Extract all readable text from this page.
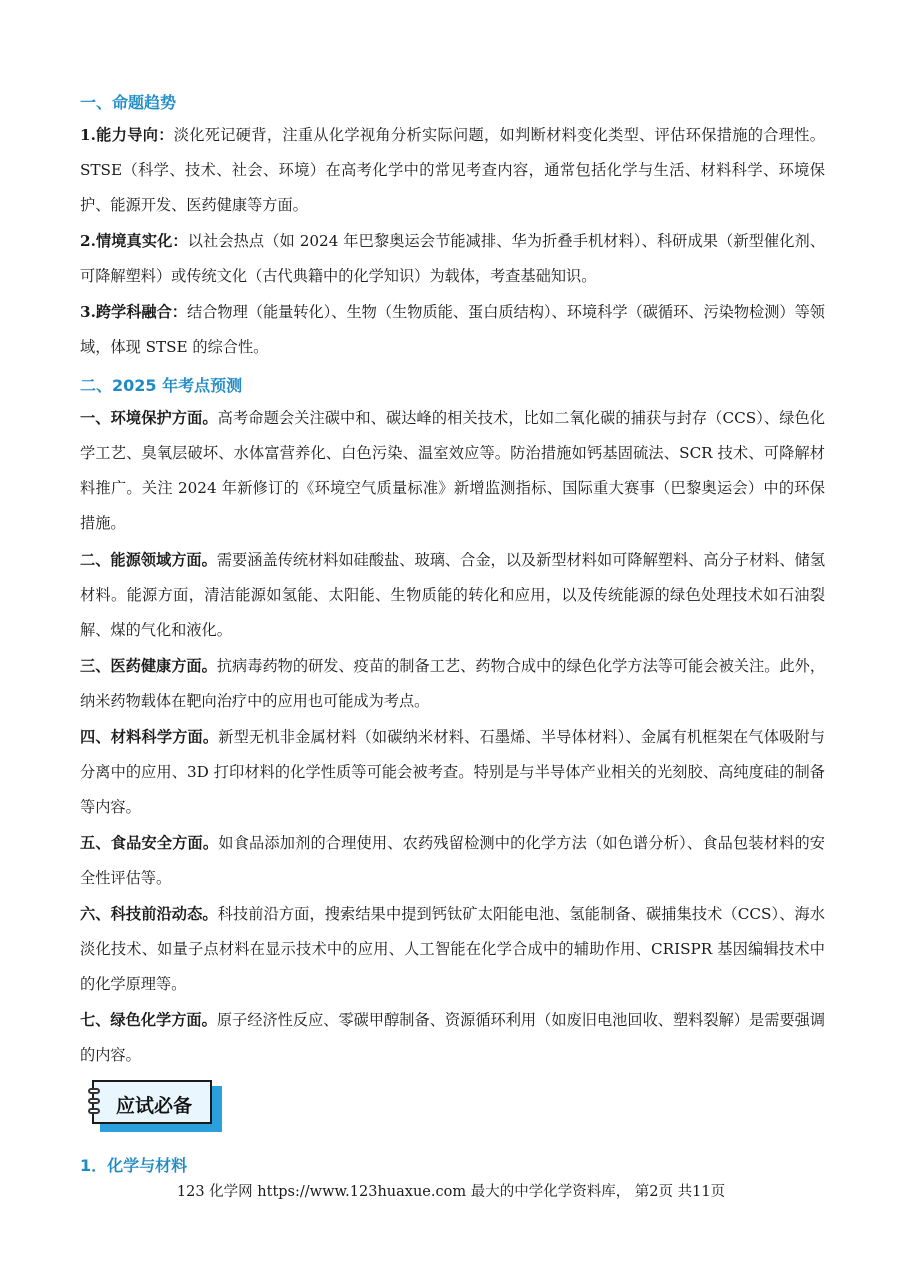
一、命题趋势
1.能力导向：淡化死记硬背，注重从化学视角分析实际问题，如判断材料变化类型、评估环保措施的合理性。STSE（科学、技术、社会、环境）在高考化学中的常见考查内容，通常包括化学与生活、材料科学、环境保护、能源开发、医药健康等方面。
2.情境真实化：以社会热点（如 2024 年巴黎奥运会节能减排、华为折叠手机材料）、科研成果（新型催化剂、可降解塑料）或传统文化（古代典籍中的化学知识）为载体，考查基础知识。
3.跨学科融合：结合物理（能量转化）、生物（生物质能、蛋白质结构）、环境科学（碳循环、污染物检测）等领域，体现 STSE 的综合性。
二、2025 年考点预测
一、环境保护方面。高考命题会关注碳中和、碳达峰的相关技术，比如二氧化碳的捕获与封存（CCS）、绿色化学工艺、臭氧层破坏、水体富营养化、白色污染、温室效应等。防治措施如钙基固硫法、SCR 技术、可降解材料推广。关注 2024 年新修订的《环境空气质量标准》新增监测指标、国际重大赛事（巴黎奥运会）中的环保措施。
二、能源领域方面。需要涵盖传统材料如硅酸盐、玻璃、合金，以及新型材料如可降解塑料、高分子材料、储氢材料。能源方面，清洁能源如氢能、太阳能、生物质能的转化和应用，以及传统能源的绿色处理技术如石油裂解、煤的气化和液化。
三、医药健康方面。抗病毒药物的研发、疫苗的制备工艺、药物合成中的绿色化学方法等可能会被关注。此外，纳米药物载体在靶向治疗中的应用也可能成为考点。
四、材料科学方面。新型无机非金属材料（如碳纳米材料、石墨烯、半导体材料）、金属有机框架在气体吸附与分离中的应用、3D 打印材料的化学性质等可能会被考查。特别是与半导体产业相关的光刻胶、高纯度硅的制备等内容。
五、食品安全方面。如食品添加剂的合理使用、农药残留检测中的化学方法（如色谱分析）、食品包装材料的安全性评估等。
六、科技前沿动态。科技前沿方面，搜索结果中提到钙钛矿太阳能电池、氢能制备、碳捕集技术（CCS）、海水淡化技术、如量子点材料在显示技术中的应用、人工智能在化学合成中的辅助作用、CRISPR 基因编辑技术中的化学原理等。
七、绿色化学方面。原子经济性反应、零碳甲醇制备、资源循环利用（如废旧电池回收、塑料裂解）是需要强调的内容。
应试必备
1．化学与材料
123 化学网 https://www.123huaxue.com 最大的中学化学资料库， 第2页 共11页
